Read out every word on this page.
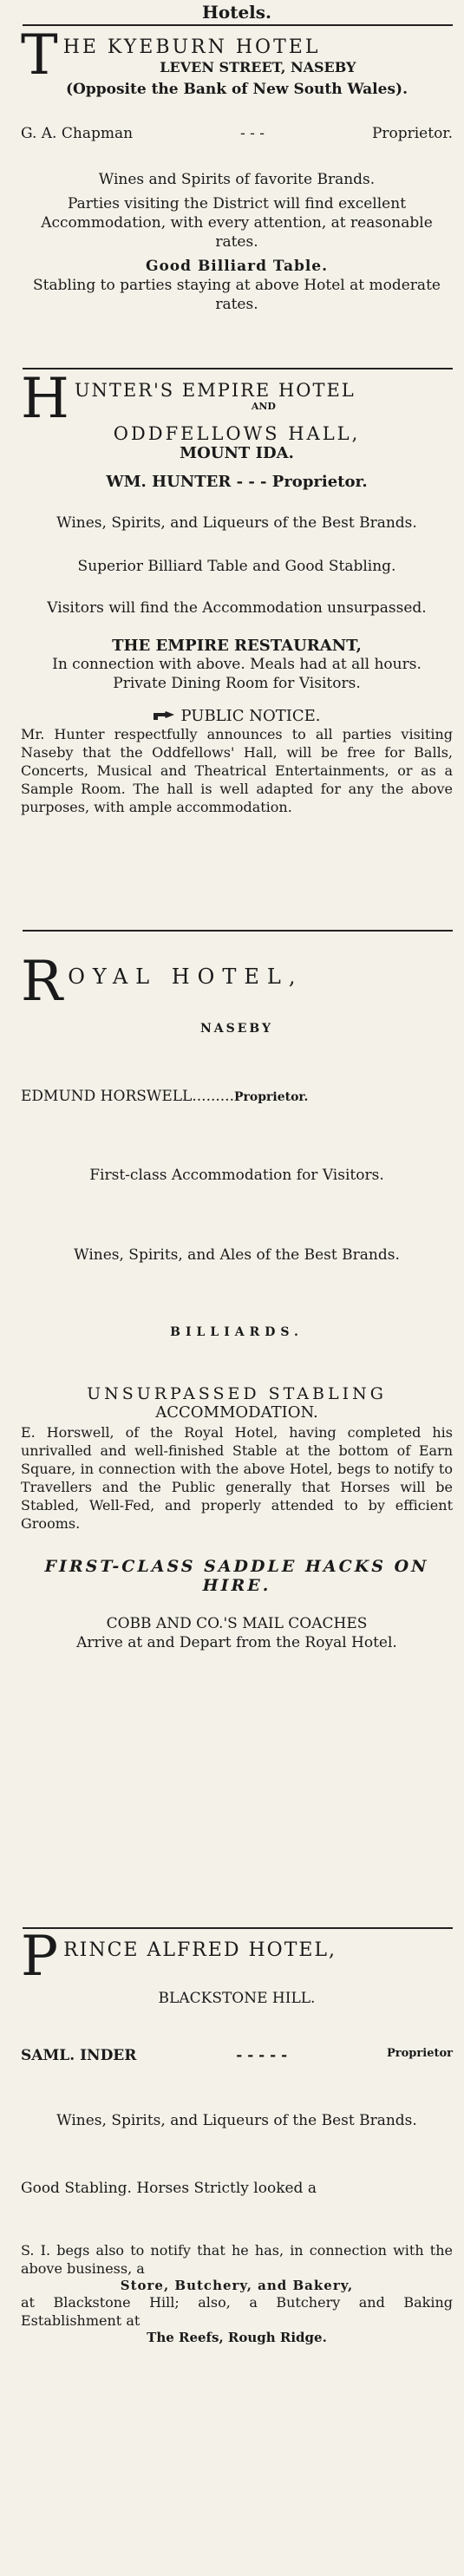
Hotels.
T HE KYEBURN HOTEL
LEVEN STREET, NASEBY
(Opposite the Bank of New South Wales).
G. A. Chapman	- - -	Proprietor.
Wines and Spirits of favorite Brands.
Parties visiting the District will find excellent Accommodation, with every attention, at reasonable rates.
Good Billiard Table.
Stabling to parties staying at above Hotel at moderate rates.
H UNTER'S EMPIRE HOTEL
AND
ODDFELLOWS HALL,
MOUNT IDA.
WM. HUNTER - - - Proprietor.
Wines, Spirits, and Liqueurs of the Best Brands.
Superior Billiard Table and Good Stabling.
Visitors will find the Accommodation unsurpassed.
THE EMPIRE RESTAURANT,
In connection with above. Meals had at all hours.
Private Dining Room for Visitors.
PUBLIC NOTICE.
Mr. Hunter respectfully announces to all parties visiting Naseby that the Oddfellows' Hall, will be free for Balls, Concerts, Musical and Theatrical Entertainments, or as a Sample Room. The hall is well adapted for any the above purposes, with ample accommodation.
R OYAL HOTEL,
NASEBY
EDMUND HORSWELL.........Proprietor.
First-class Accommodation for Visitors.
Wines, Spirits, and Ales of the Best Brands.
BILLIARDS.
UNSURPASSED STABLING
ACCOMMODATION.
E. Horswell, of the Royal Hotel, having completed his unrivalled and well-finished Stable at the bottom of Earn Square, in connection with the above Hotel, begs to notify to Travellers and the Public generally that Horses will be Stabled, Well-Fed, and properly attended to by efficient Grooms.
FIRST-CLASS SADDLE HACKS ON HIRE.
COBB AND CO.'S MAIL COACHES
Arrive at and Depart from the Royal Hotel.
P RINCE ALFRED HOTEL,
BLACKSTONE HILL.
SAML. INDER	- - - - -	Proprietor
Wines, Spirits, and Liqueurs of the Best Brands.
Good Stabling. Horses Strictly looked a
S. I. begs also to notify that he has, in connection with the above business, a
Store, Butchery, and Bakery,
at Blackstone Hill; also, a Butchery and Baking Establishment at
The Reefs, Rough Ridge.
